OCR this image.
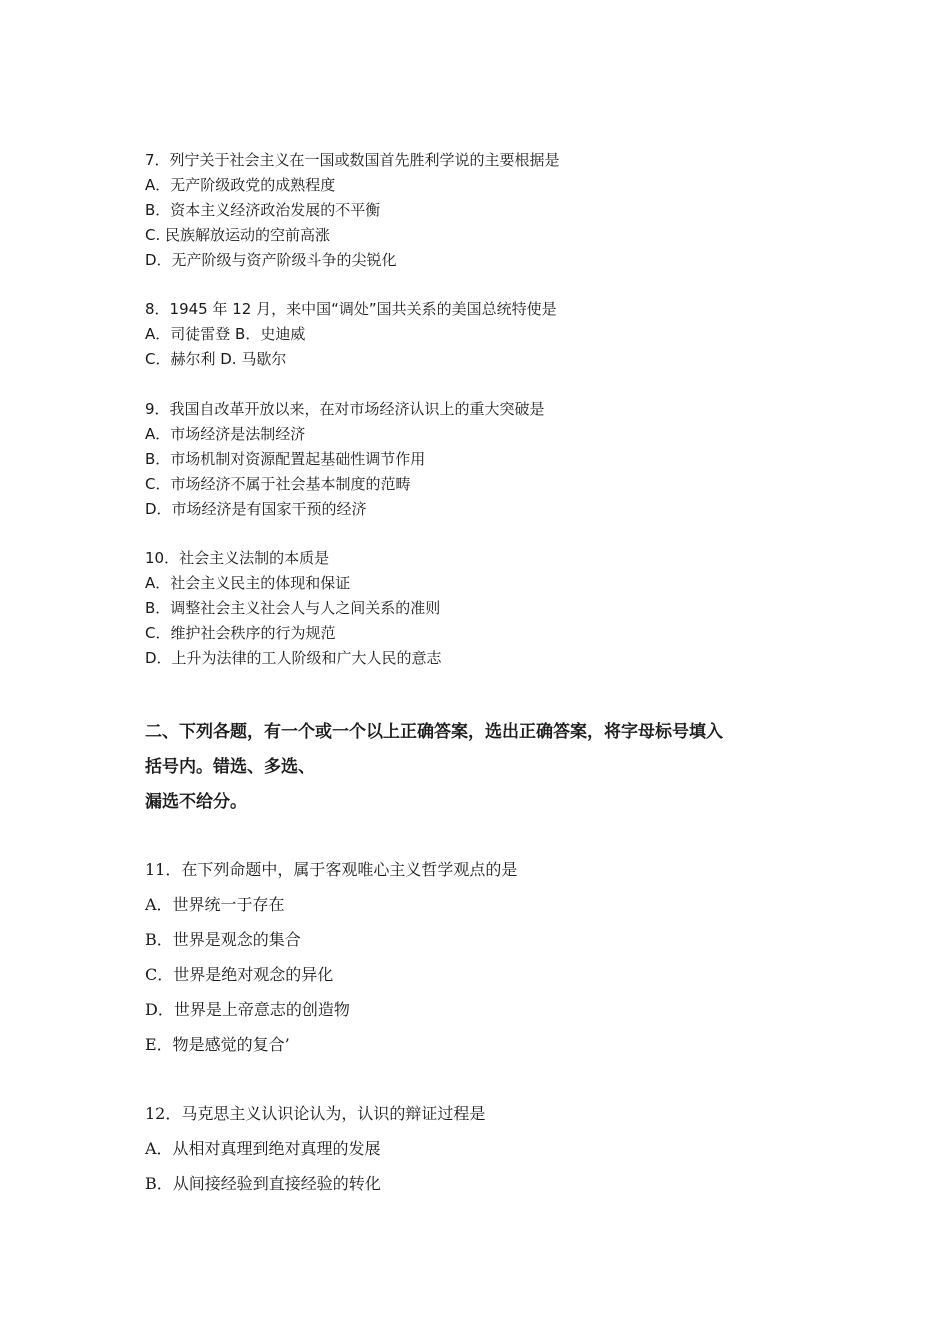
7．列宁关于社会主义在一国或数国首先胜利学说的主要根据是
A．无产阶级政党的成熟程度
B．资本主义经济政治发展的不平衡
C. 民族解放运动的空前高涨
D．无产阶级与资产阶级斗争的尖锐化
8．1945 年 12 月，来中国“调处”国共关系的美国总统特使是
A．司徒雷登 B．史迪威
C．赫尔利 D. 马歇尔
9．我国自改革开放以来，在对市场经济认识上的重大突破是
A．市场经济是法制经济
B．市场机制对资源配置起基础性调节作用
C．市场经济不属于社会基本制度的范畴
D．市场经济是有国家干预的经济
10．社会主义法制的本质是
A．社会主义民主的体现和保证
B．调整社会主义社会人与人之间关系的准则
C．维护社会秩序的行为规范
D．上升为法律的工人阶级和广大人民的意志
二、下列各题，有一个或一个以上正确答案，选出正确答案，将字母标号填入
括号内。错选、多选、
漏选不给分。
11．在下列命题中，属于客观唯心主义哲学观点的是
A．世界统一于存在
B．世界是观念的集合
C．世界是绝对观念的异化
D．世界是上帝意志的创造物
E．物是感觉的复合’
12．马克思主义认识论认为，认识的辩证过程是
A．从相对真理到绝对真理的发展
B．从间接经验到直接经验的转化
